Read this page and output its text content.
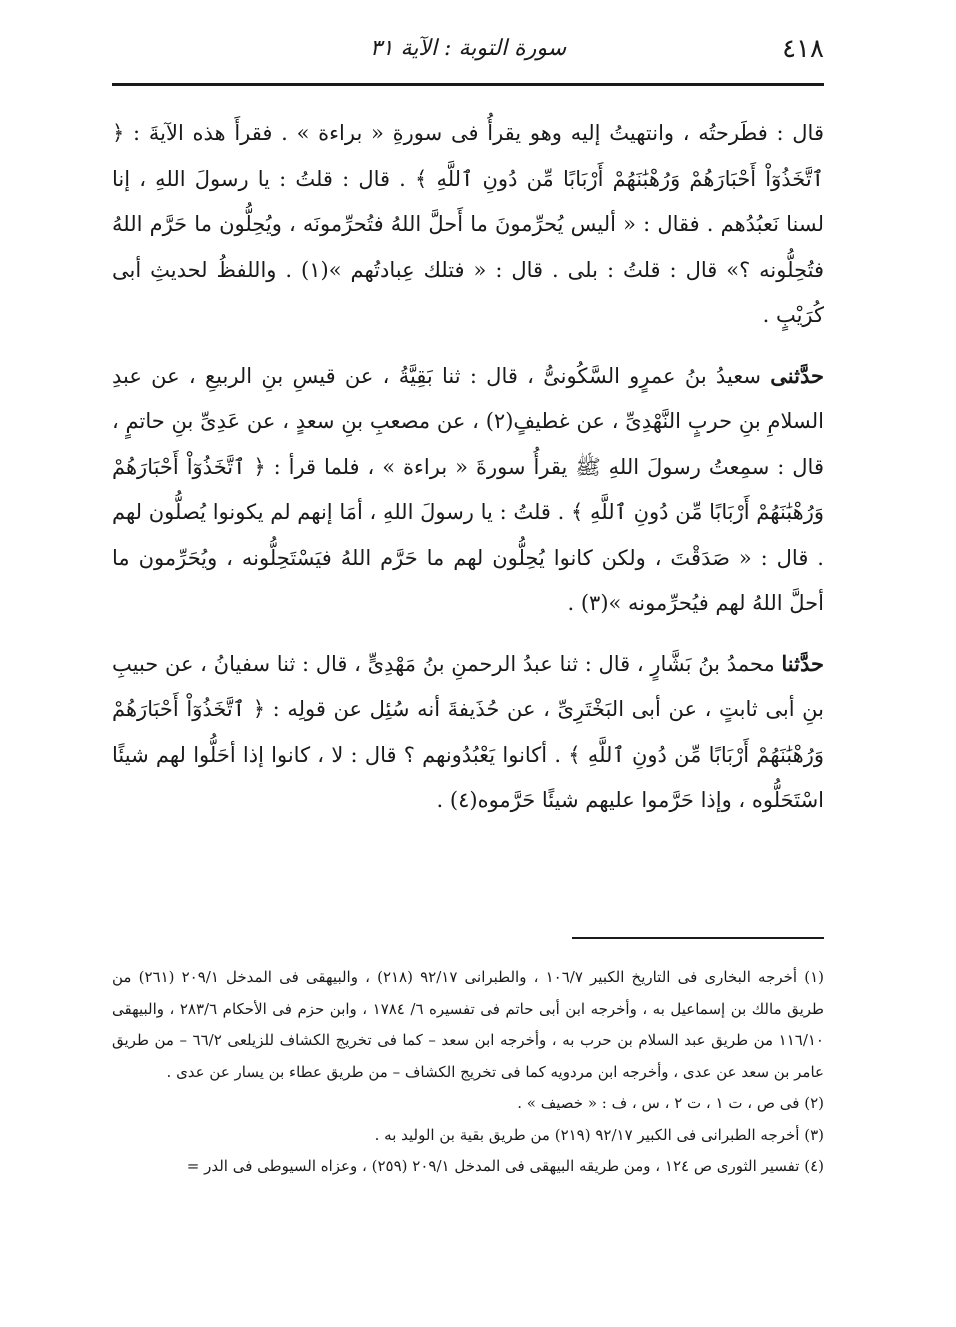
٤١٨
سورة التوبة : الآية ٣١

قال : فطَرحتُه ، وانتهيتُ إليه وهو يقرأُ فى سورةِ « براءة » . فقرأَ هذه الآيةَ : ﴿ ٱتَّخَذُوٓاْ أَحْبَارَهُمْ وَرُهْبَٰنَهُمْ أَرْبَابًا مِّن دُونِ ٱللَّهِ ﴾ . قال : قلتُ : يا رسولَ اللهِ ، إنا لسنا نَعبُدُهم . فقال : « أليس يُحرِّمونَ ما أَحلَّ اللهُ فتُحرِّمونَه ، ويُحِلُّون ما حَرَّم اللهُ فتُحِلُّونه ؟» قال : قلتُ : بلى . قال : « فتلك عِبادتُهم »(١) . واللفظُ لحديثِ أبى كُرَيْبٍ .

حدَّثنى سعيدُ بنُ عمرٍو السَّكُونىُّ ، قال : ثنا بَقِيَّةُ ، عن قيسِ بنِ الربيعِ ، عن عبدِ السلامِ بنِ حربٍ النَّهْدِىِّ ، عن غطيفٍ(٢) ، عن مصعبِ بنِ سعدٍ ، عن عَدِىِّ بنِ حاتمٍ ، قال : سمِعتُ رسولَ اللهِ ﷺ يقرأُ سورةَ « براءة » ، فلما قرأ : ﴿ ٱتَّخَذُوٓاْ أَحْبَارَهُمْ وَرُهْبَٰنَهُمْ أَرْبَابًا مِّن دُونِ ٱللَّهِ ﴾ . قلتُ : يا رسولَ اللهِ ، أمَا إنهم لم يكونوا يُصلُّون لهم . قال : « صَدَقْتَ ، ولكن كانوا يُحِلُّون لهم ما حَرَّم اللهُ فيَسْتَحِلُّونه ، ويُحَرِّمون ما أحلَّ اللهُ لهم فيُحرِّمونه »(٣) .

حدَّثنا محمدُ بنُ بَشَّارٍ ، قال : ثنا عبدُ الرحمنِ بنُ مَهْدِىٍّ ، قال : ثنا سفيانُ ، عن حبيبِ بنِ أبى ثابتٍ ، عن أبى البَخْتَرِىِّ ، عن حُذَيفةَ أنه سُئِل عن قولِه : ﴿ ٱتَّخَذُوٓاْ أَحْبَارَهُمْ وَرُهْبَٰنَهُمْ أَرْبَابًا مِّن دُونِ ٱللَّهِ ﴾ . أكانوا يَعْبُدُونهم ؟ قال : لا ، كانوا إذا أحَلُّوا لهم شيئًا اسْتَحَلُّوه ، وإذا حَرَّموا عليهم شيئًا حَرَّموه(٤) .

(١) أخرجه البخارى فى التاريخ الكبير ١٠٦/٧ ، والطبرانى ٩٢/١٧ (٢١٨) ، والبيهقى فى المدخل ٢٠٩/١ (٢٦١) من طريق مالك بن إسماعيل به ، وأخرجه ابن أبى حاتم فى تفسيره ٦/ ١٧٨٤ ، وابن حزم فى الأحكام ٢٨٣/٦ ، والبيهقى ١١٦/١٠ من طريق عبد السلام بن حرب به ، وأخرجه ابن سعد – كما فى تخريج الكشاف للزيلعى ٦٦/٢ – من طريق عامر بن سعد عن عدى ، وأخرجه ابن مردويه كما فى تخريج الكشاف – من طريق عطاء بن يسار عن عدى .

(٢) فى ص ، ت ١ ، ت ٢ ، س ، ف : « خصيف » .

(٣) أخرجه الطبرانى فى الكبير ٩٢/١٧ (٢١٩) من طريق بقية بن الوليد به .

(٤) تفسير الثورى ص ١٢٤ ، ومن طريقه البيهقى فى المدخل ٢٠٩/١ (٢٥٩) ، وعزاه السيوطى فى الدر =
